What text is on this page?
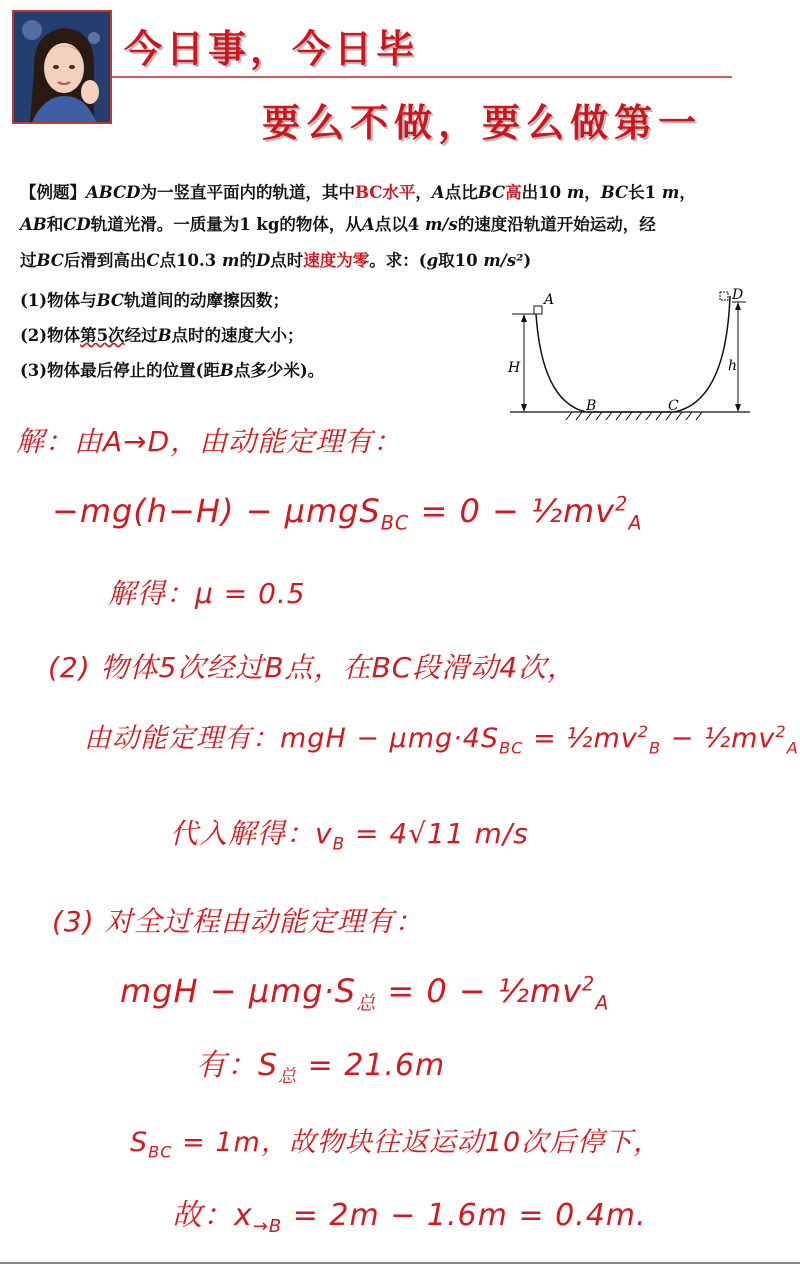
今日事，今日毕
要么不做，要么做第一
【例题】ABCD为一竖直平面内的轨道，其中BC水平，A点比BC高出10 m，BC长1 m，
AB和CD轨道光滑。一质量为1 kg的物体，从A点以4 m/s的速度沿轨道开始运动，经
过BC后滑到高出C点10.3 m的D点时速度为零。求：(g取10 m/s²)
(1)物体与BC轨道间的动摩擦因数；
(2)物体第5次经过B点时的速度大小；
(3)物体最后停止的位置(距B点多少米)。
A	D
H	h
B	C
解：由A→D，由动能定理有：
$-mg(h-H) - \mu mgS_{BC} = 0 - \frac{1}{2}mv^2_A$
解得：μ = 0.5
(2) 物体5次经过B点，在BC段滑动4次，
由动能定理有：mgH − $\mu mg\cdot 4S_{BC}$ = $\frac{1}{2}mv^2_B$ − $\frac{1}{2}mv^2_A$
代入解得：$v_B = 4√11$ m/s
(3) 对全过程由动能定理有：
mgH − $\mu mg\cdot S_总 = 0$ − $\frac{1}{2}mv^2_A$
有：$S_总 = 21.6m$
$S_{BC} = 1m$，故物块往返运动10次后停下，
故：$x_{\to B} = 2m - 1.6m = 0.4m$.
